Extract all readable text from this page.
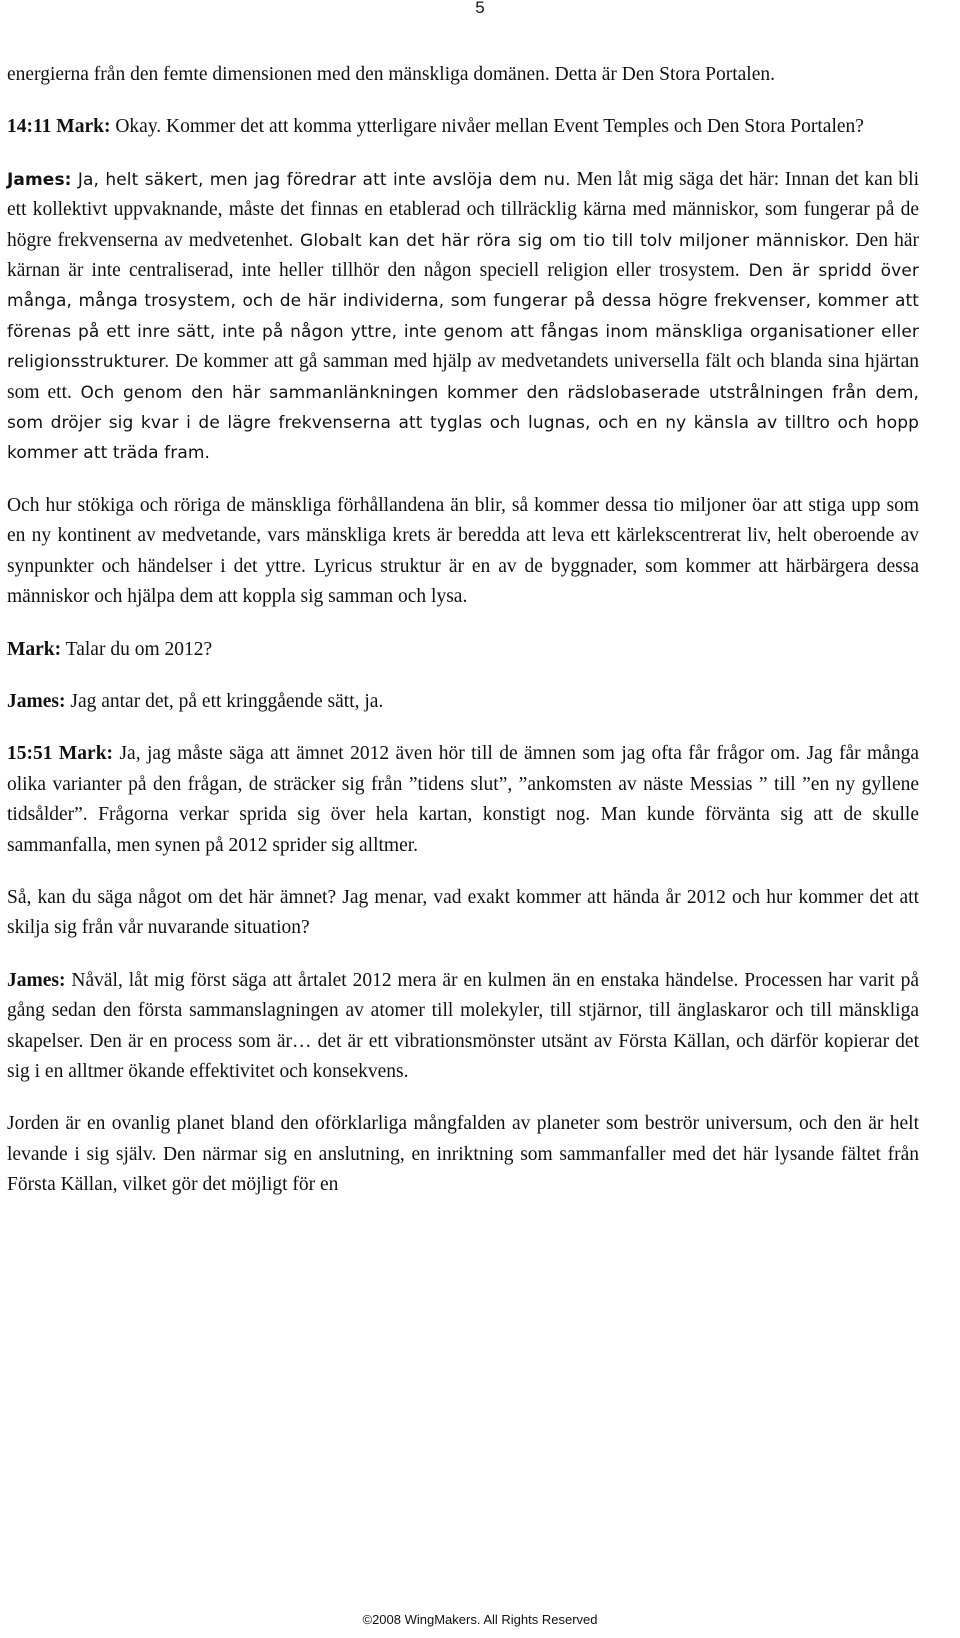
5

energierna från den femte dimensionen med den mänskliga domänen. Detta är Den Stora Portalen.

14:11 Mark: Okay. Kommer det att komma ytterligare nivåer mellan Event Temples och Den Stora Portalen?

James: Ja, helt säkert, men jag föredrar att inte avslöja dem nu. Men låt mig säga det här: Innan det kan bli ett kollektivt uppvaknande, måste det finnas en etablerad och tillräcklig kärna med människor, som fungerar på de högre frekvenserna av medvetenhet. Globalt kan det här röra sig om tio till tolv miljoner människor. Den här kärnan är inte centraliserad, inte heller tillhör den någon speciell religion eller trosystem. Den är spridd över många, många trosystem, och de här individerna, som fungerar på dessa högre frekvenser, kommer att förenas på ett inre sätt, inte på någon yttre, inte genom att fångas inom mänskliga organisationer eller religionsstrukturer. De kommer att gå samman med hjälp av medvetandets universella fält och blanda sina hjärtan som ett. Och genom den här sammanlänkningen kommer den rädslobaserade utstrålningen från dem, som dröjer sig kvar i de lägre frekvenserna att tyglas och lugnas, och en ny känsla av tilltro och hopp kommer att träda fram.

Och hur stökiga och röriga de mänskliga förhållandena än blir, så kommer dessa tio miljoner öar att stiga upp som en ny kontinent av medvetande, vars mänskliga krets är beredda att leva ett kärlekscentrerat liv, helt oberoende av synpunkter och händelser i det yttre. Lyricus struktur är en av de byggnader, som kommer att härbärgera dessa människor och hjälpa dem att koppla sig samman och lysa.

Mark: Talar du om 2012?

James: Jag antar det, på ett kringgående sätt, ja.

15:51 Mark: Ja, jag måste säga att ämnet 2012 även hör till de ämnen som jag ofta får frågor om. Jag får många olika varianter på den frågan, de sträcker sig från ”tidens slut”, ”ankomsten av näste Messias ” till ”en ny gyllene tidsålder”. Frågorna verkar sprida sig över hela kartan, konstigt nog. Man kunde förvänta sig att de skulle sammanfalla, men synen på 2012 sprider sig alltmer.

Så, kan du säga något om det här ämnet? Jag menar, vad exakt kommer att hända år 2012 och hur kommer det att skilja sig från vår nuvarande situation?

James: Nåväl, låt mig först säga att årtalet 2012 mera är en kulmen än en enstaka händelse. Processen har varit på gång sedan den första sammanslagningen av atomer till molekyler, till stjärnor, till änglaskaror och till mänskliga skapelser. Den är en process som är… det är ett vibrationsmönster utsänt av Första Källan, och därför kopierar det sig i en alltmer ökande effektivitet och konsekvens.

Jorden är en ovanlig planet bland den oförklarliga mångfalden av planeter som beströr universum, och den är helt levande i sig själv. Den närmar sig en anslutning, en inriktning som sammanfaller med det här lysande fältet från Första Källan, vilket gör det möjligt för en

©2008 WingMakers. All Rights Reserved
